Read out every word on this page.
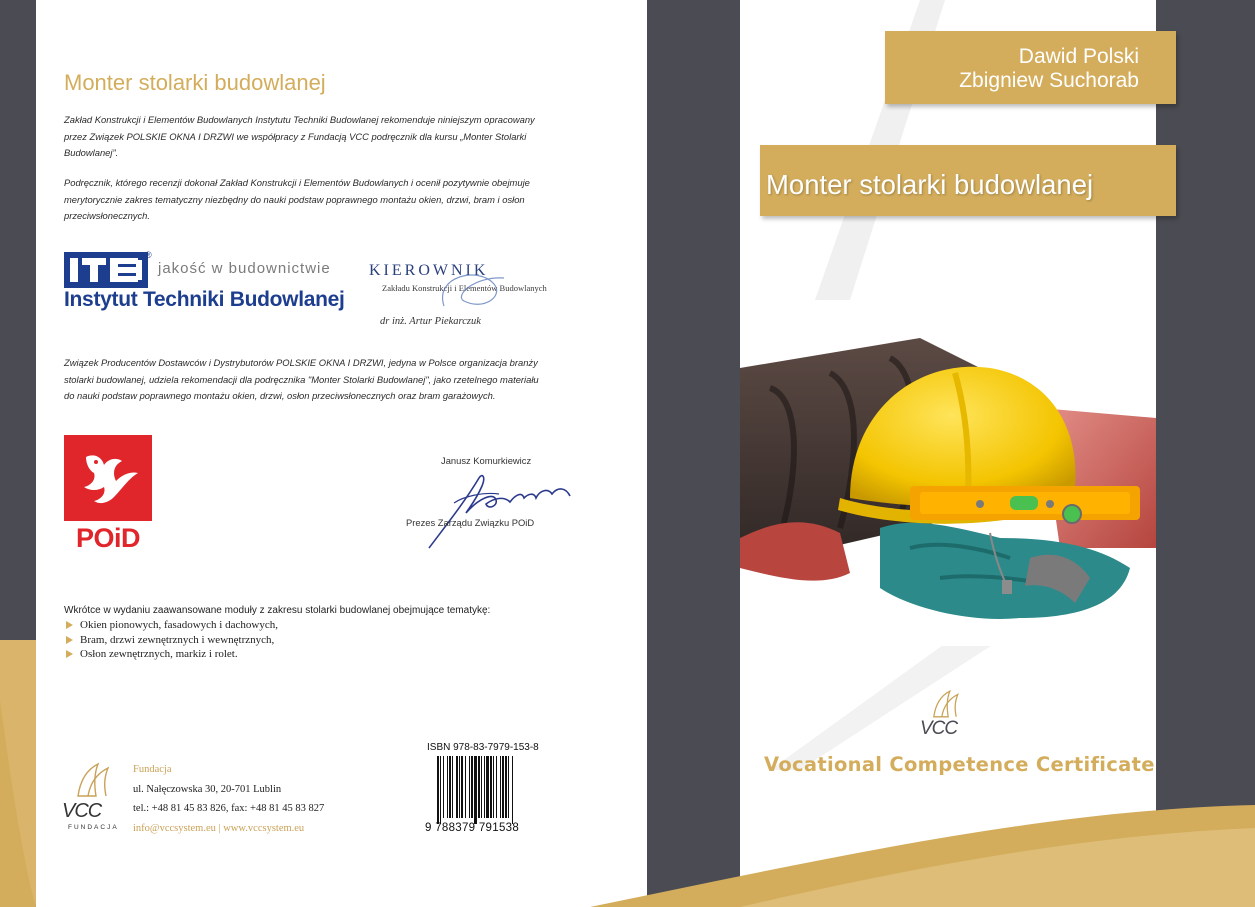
Monter stolarki budowlanej
Zakład Konstrukcji i Elementów Budowlanych Instytutu Techniki Budowlanej rekomenduje niniejszym opracowany przez Związek POLSKIE OKNA I DRZWI we współpracy z Fundacją VCC podręcznik dla kursu „Monter Stolarki Budowlanej”.
Podręcznik, którego recenzji dokonał Zakład Konstrukcji i Elementów Budowlanych i ocenił pozytywnie obejmuje merytorycznie zakres tematyczny niezbędny do nauki podstaw poprawnego montażu okien, drzwi, bram i osłon przeciwsłonecznych.
®
jakość w budownictwie
Instytut Techniki Budowlanej
KIEROWNIK
Zakładu Konstrukcji i Elementów Budowlanych
dr inż. Artur Piekarczuk
Związek Producentów Dostawców i Dystrybutorów POLSKIE OKNA I DRZWI, jedyna w Polsce organizacja branży stolarki budowlanej, udziela rekomendacji dla podręcznika "Monter Stolarki Budowlanej", jako rzetelnego materiału do nauki podstaw poprawnego montażu okien, drzwi, osłon przeciwsłonecznych oraz bram garażowych.
POiD
Janusz Komurkiewicz
Prezes Zarządu Związku POiD
Wkrótce w wydaniu zaawansowane moduły z zakresu stolarki budowlanej obejmujące tematykę:
Okien pionowych, fasadowych i dachowych,
Bram, drzwi zewnętrznych i wewnętrznych,
Osłon zewnętrznych, markiz i rolet.
VCC
FUNDACJA
Fundacja
ul. Nałęczowska 30, 20-701 Lublin
tel.: +48 81 45 83 826, fax: +48 81 45 83 827
info@vccsystem.eu | www.vccsystem.eu
ISBN 978-83-7979-153-8
9 788379 791538
Dawid Polski
Zbigniew Suchorab
Monter stolarki budowlanej
VCC
Vocational Competence Certificate
